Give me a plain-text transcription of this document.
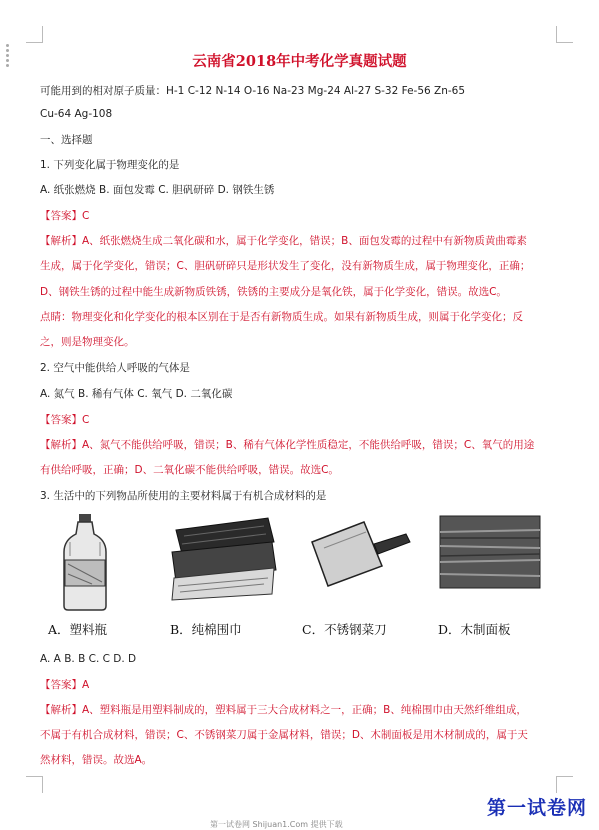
云南省2018年中考化学真题试题
可能用到的相对原子质量：H-1 C-12 N-14 O-16 Na-23 Mg-24 Al-27 S-32 Fe-56 Zn-65
Cu-64 Ag-108
一、选择题
1. 下列变化属于物理变化的是
A. 纸张燃烧 B. 面包发霉 C. 胆矾研碎 D. 钢铁生锈
【答案】C
【解析】A、纸张燃烧生成二氧化碳和水，属于化学变化，错误；B、面包发霉的过程中有新物质黄曲霉素
生成，属于化学变化，错误；C、胆矾研碎只是形状发生了变化，没有新物质生成，属于物理变化，正确；
D、钢铁生锈的过程中能生成新物质铁锈，铁锈的主要成分是氧化铁，属于化学变化，错误。故选C。
点睛：物理变化和化学变化的根本区别在于是否有新物质生成。如果有新物质生成，则属于化学变化；反
之，则是物理变化。
2. 空气中能供给人呼吸的气体是
A. 氮气 B. 稀有气体 C. 氧气 D. 二氧化碳
【答案】C
【解析】A、氮气不能供给呼吸，错误；B、稀有气体化学性质稳定，不能供给呼吸，错误；C、氧气的用途
有供给呼吸，正确；D、二氧化碳不能供给呼吸，错误。故选C。
3. 生活中的下列物品所使用的主要材料属于有机合成材料的是
A．塑料瓶	B．纯棉围巾	C．不锈钢菜刀	D．木制面板
A. A B. B C. C D. D
【答案】A
【解析】A、塑料瓶是用塑料制成的，塑料属于三大合成材料之一，正确；B、纯棉围巾由天然纤维组成，
不属于有机合成材料，错误；C、不锈钢菜刀属于金属材料，错误；D、木制面板是用木材制成的，属于天
然材料，错误。故选A。
第一试卷网 Shijuan1.Com 提供下载
第一试卷网
